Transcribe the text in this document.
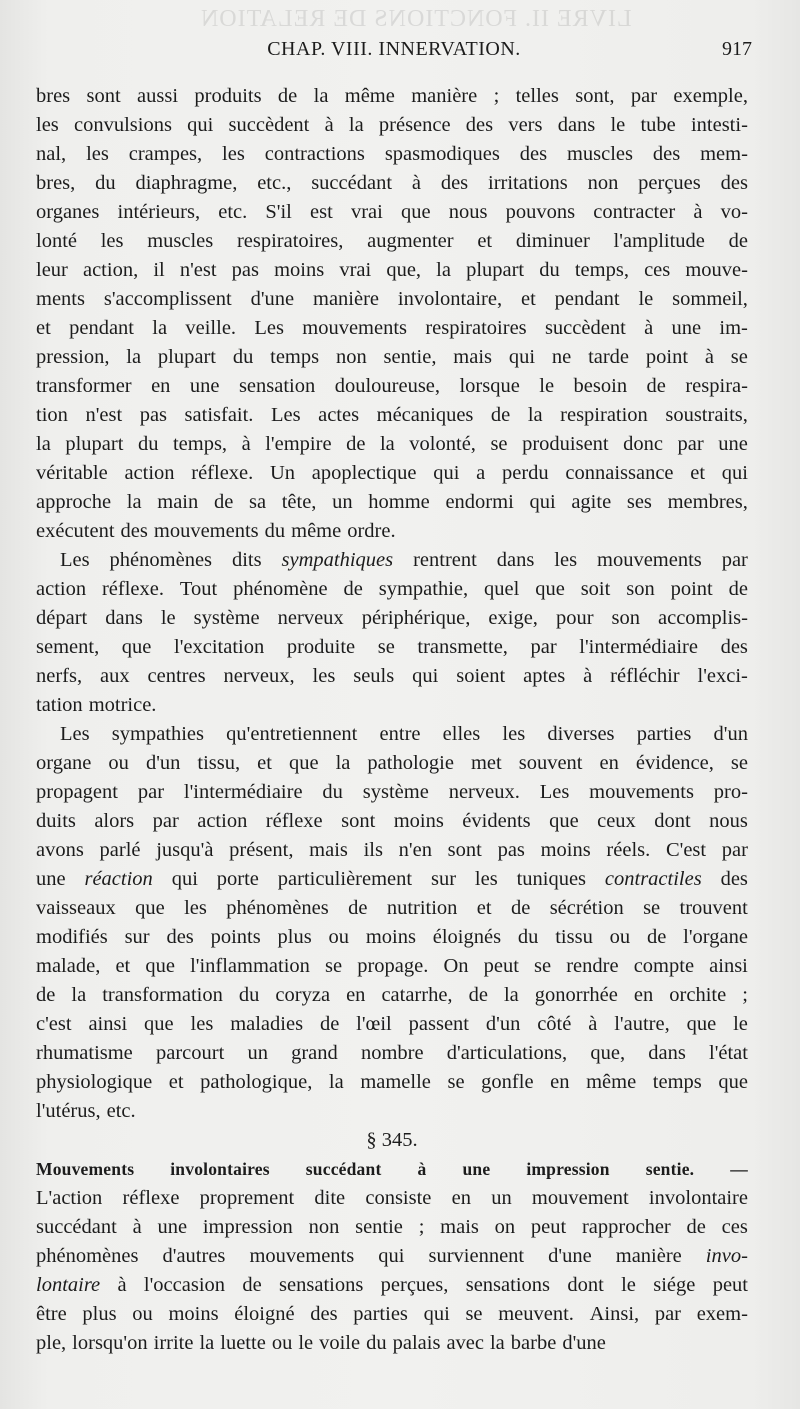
LIVRE II. FONCTIONS DE RELATION
CHAP. VIII. INNERVATION.	917
bres sont aussi produits de la même manière ; telles sont, par exemple,
les convulsions qui succèdent à la présence des vers dans le tube intesti-
nal, les crampes, les contractions spasmodiques des muscles des mem-
bres, du diaphragme, etc., succédant à des irritations non perçues des
organes intérieurs, etc. S'il est vrai que nous pouvons contracter à vo-
lonté les muscles respiratoires, augmenter et diminuer l'amplitude de
leur action, il n'est pas moins vrai que, la plupart du temps, ces mouve-
ments s'accomplissent d'une manière involontaire, et pendant le sommeil,
et pendant la veille. Les mouvements respiratoires succèdent à une im-
pression, la plupart du temps non sentie, mais qui ne tarde point à se
transformer en une sensation douloureuse, lorsque le besoin de respira-
tion n'est pas satisfait. Les actes mécaniques de la respiration soustraits,
la plupart du temps, à l'empire de la volonté, se produisent donc par une
véritable action réflexe. Un apoplectique qui a perdu connaissance et qui
approche la main de sa tête, un homme endormi qui agite ses membres,
exécutent des mouvements du même ordre.
Les phénomènes dits sympathiques rentrent dans les mouvements par
action réflexe. Tout phénomène de sympathie, quel que soit son point de
départ dans le système nerveux périphérique, exige, pour son accomplis-
sement, que l'excitation produite se transmette, par l'intermédiaire des
nerfs, aux centres nerveux, les seuls qui soient aptes à réfléchir l'exci-
tation motrice.
Les sympathies qu'entretiennent entre elles les diverses parties d'un
organe ou d'un tissu, et que la pathologie met souvent en évidence, se
propagent par l'intermédiaire du système nerveux. Les mouvements pro-
duits alors par action réflexe sont moins évidents que ceux dont nous
avons parlé jusqu'à présent, mais ils n'en sont pas moins réels. C'est par
une réaction qui porte particulièrement sur les tuniques contractiles des
vaisseaux que les phénomènes de nutrition et de sécrétion se trouvent
modifiés sur des points plus ou moins éloignés du tissu ou de l'organe
malade, et que l'inflammation se propage. On peut se rendre compte ainsi
de la transformation du coryza en catarrhe, de la gonorrhée en orchite ;
c'est ainsi que les maladies de l'œil passent d'un côté à l'autre, que le
rhumatisme parcourt un grand nombre d'articulations, que, dans l'état
physiologique et pathologique, la mamelle se gonfle en même temps que
l'utérus, etc.
§ 345.
Mouvements involontaires succédant à une impression sentie. —
L'action réflexe proprement dite consiste en un mouvement involontaire
succédant à une impression non sentie ; mais on peut rapprocher de ces
phénomènes d'autres mouvements qui surviennent d'une manière invo-
lontaire à l'occasion de sensations perçues, sensations dont le siége peut
être plus ou moins éloigné des parties qui se meuvent. Ainsi, par exem-
ple, lorsqu'on irrite la luette ou le voile du palais avec la barbe d'une
